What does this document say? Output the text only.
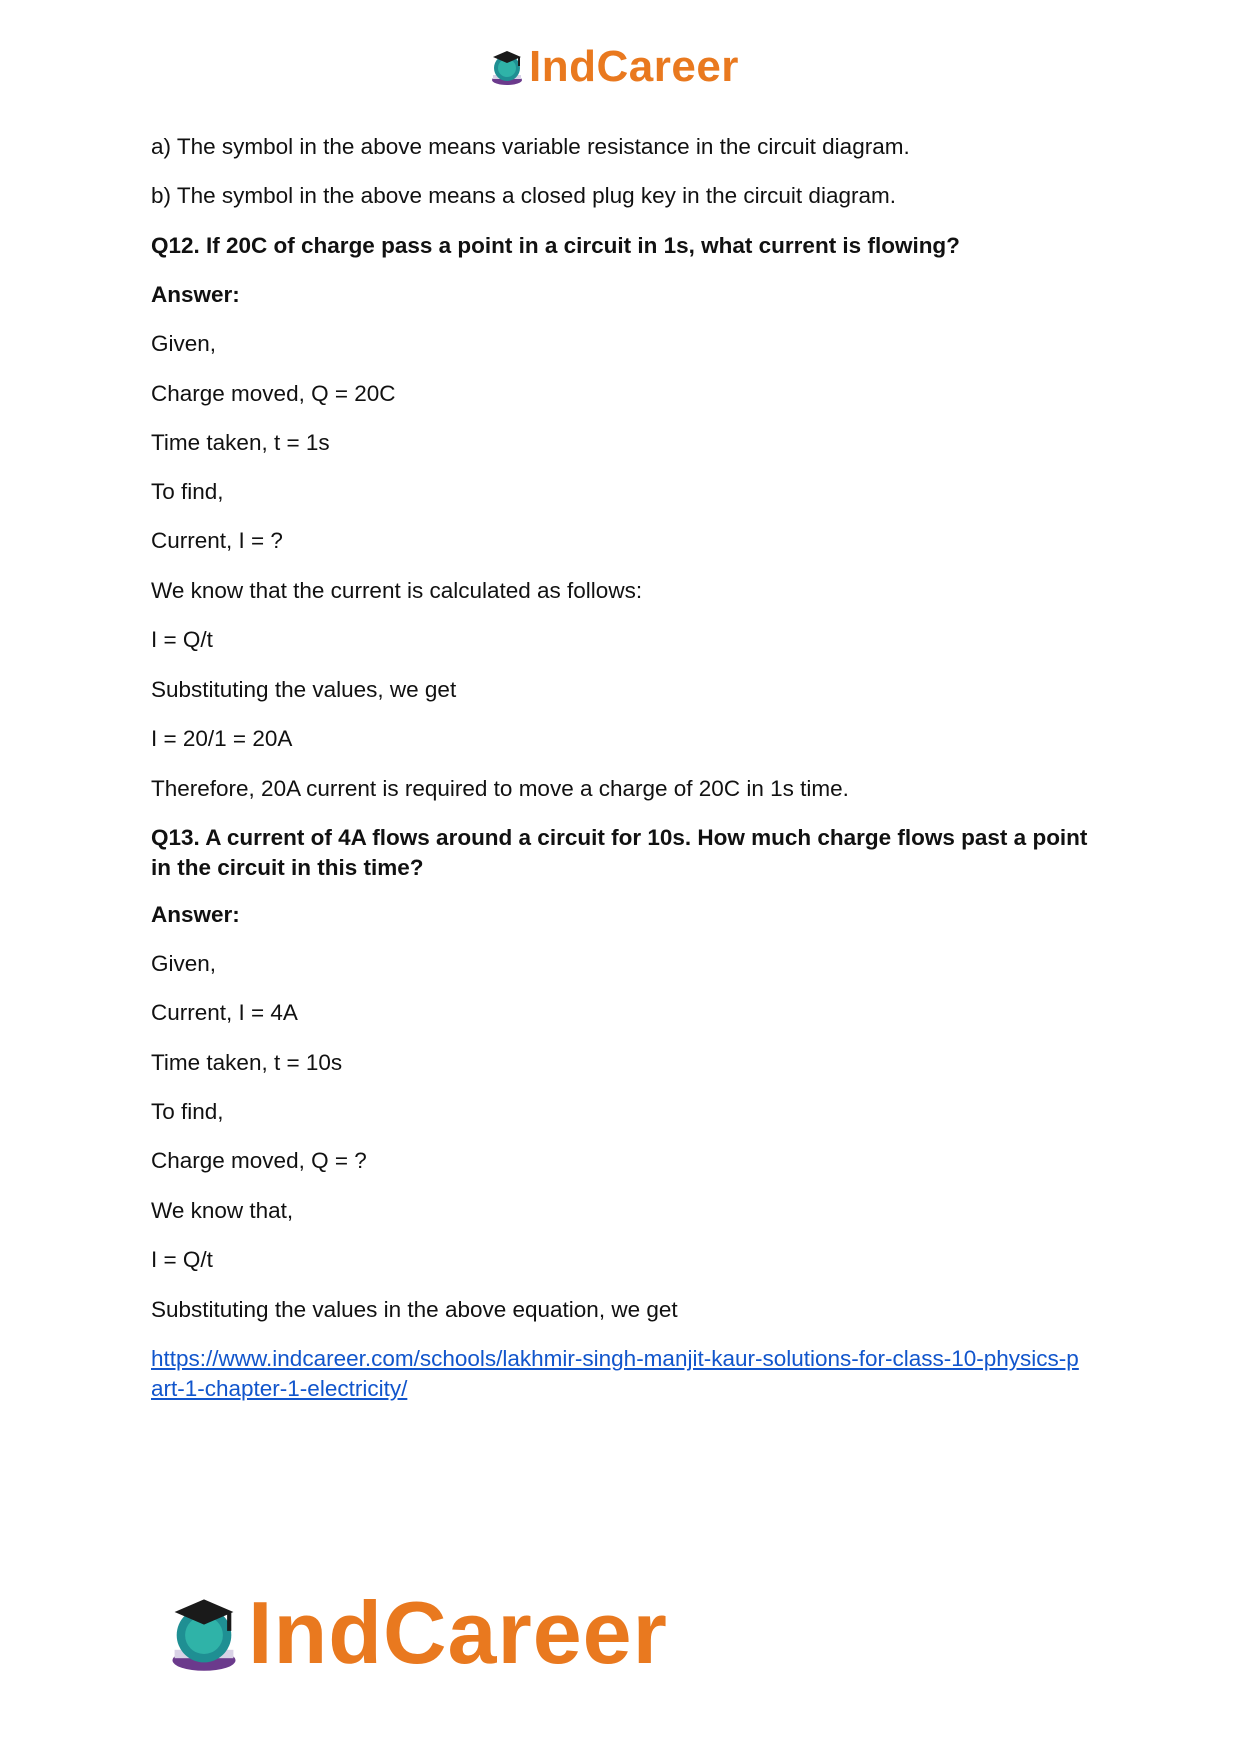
IndCareer
a) The symbol in the above means variable resistance in the circuit diagram.
b) The symbol in the above means a closed plug key in the circuit diagram.
Q12. If 20C of charge pass a point in a circuit in 1s, what current is flowing?
Answer:
Given,
Charge moved, Q = 20C
Time taken, t = 1s
To find,
Current, I = ?
We know that the current is calculated as follows:
I = Q/t
Substituting the values, we get
I = 20/1 = 20A
Therefore, 20A current is required to move a charge of 20C in 1s time.
Q13. A current of 4A flows around a circuit for 10s. How much charge flows past a point in the circuit in this time?
Answer:
Given,
Current, I = 4A
Time taken, t = 10s
To find,
Charge moved, Q = ?
We know that,
I = Q/t
Substituting the values in the above equation, we get
https://www.indcareer.com/schools/lakhmir-singh-manjit-kaur-solutions-for-class-10-physics-part-1-chapter-1-electricity/
IndCareer
